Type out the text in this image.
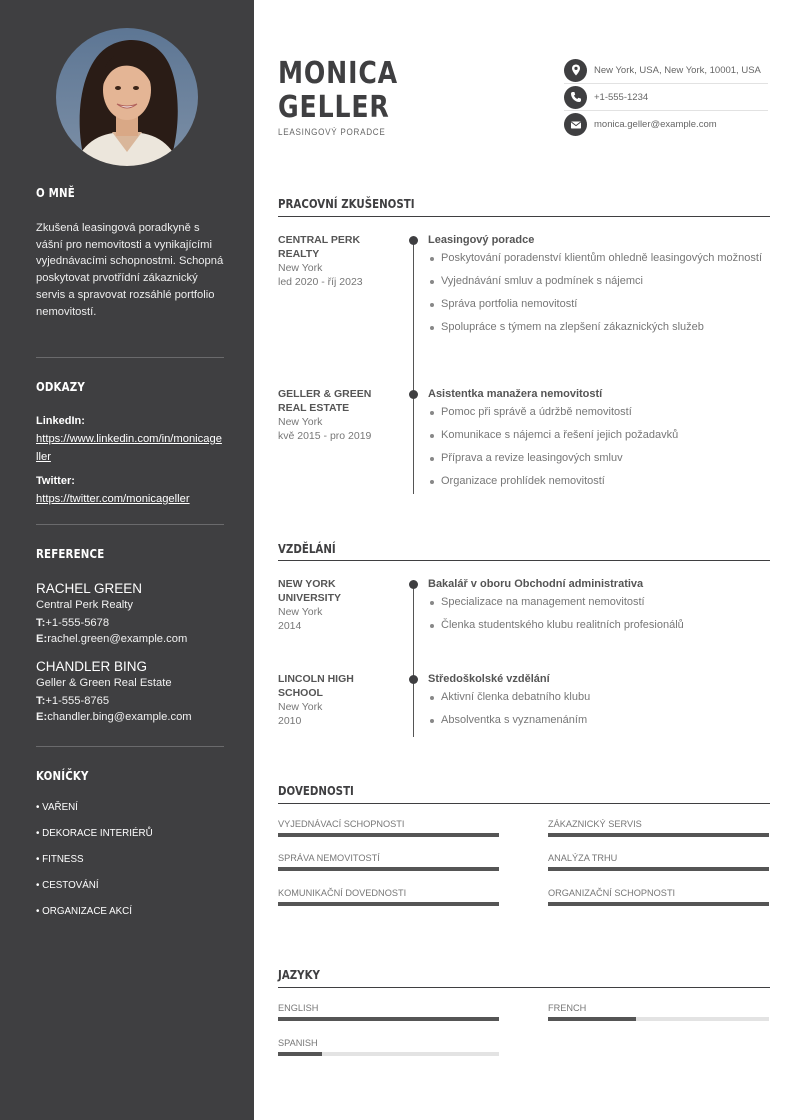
O MNĚ

Zkušená leasingová poradkyně s vášní pro nemovitosti a vynikajícími vyjednávacími schopnostmi. Schopná poskytovat prvotřídní zákaznický servis a spravovat rozsáhlé portfolio nemovitostí.

ODKAZY
LinkedIn:
https://www.linkedin.com/in/monicageller
Twitter:
https://twitter.com/monicageller
REFERENCE
RACHEL GREEN
Central Perk Realty
T:+1-555-5678
E:rachel.green@example.com
CHANDLER BING
Geller & Green Real Estate
T:+1-555-8765
E:chandler.bing@example.com
KONÍČKY
• VAŘENÍ
• DEKORACE INTERIÉRŮ
• FITNESS
• CESTOVÁNÍ
• ORGANIZACE AKCÍ
MONICA
GELLER
LEASINGOVÝ PORADCE
New York, USA, New York, 10001, USA
+1-555-1234
monica.geller@example.com
PRACOVNÍ ZKUŠENOSTI
CENTRAL PERK REALTY
New York
led 2020 - říj 2023
Leasingový poradce
Poskytování poradenství klientům ohledně leasingových možností
Vyjednávání smluv a podmínek s nájemci
Správa portfolia nemovitostí
Spolupráce s týmem na zlepšení zákaznických služeb
GELLER & GREEN REAL ESTATE
New York
kvě 2015 - pro 2019
Asistentka manažera nemovitostí
Pomoc při správě a údržbě nemovitostí
Komunikace s nájemci a řešení jejich požadavků
Příprava a revize leasingových smluv
Organizace prohlídek nemovitostí
VZDĚLÁNÍ
NEW YORK UNIVERSITY
New York
2014
Bakalář v oboru Obchodní administrativa
Specializace na management nemovitostí
Členka studentského klubu realitních profesionálů
LINCOLN HIGH SCHOOL
New York
2010
Středoškolské vzdělání
Aktivní členka debatního klubu
Absolventka s vyznamenáním
DOVEDNOSTI
VYJEDNÁVACÍ SCHOPNOSTI	ZÁKAZNICKÝ SERVIS
SPRÁVA NEMOVITOSTÍ	ANALÝZA TRHU
KOMUNIKAČNÍ DOVEDNOSTI	ORGANIZAČNÍ SCHOPNOSTI
JAZYKY
ENGLISH	FRENCH
SPANISH
